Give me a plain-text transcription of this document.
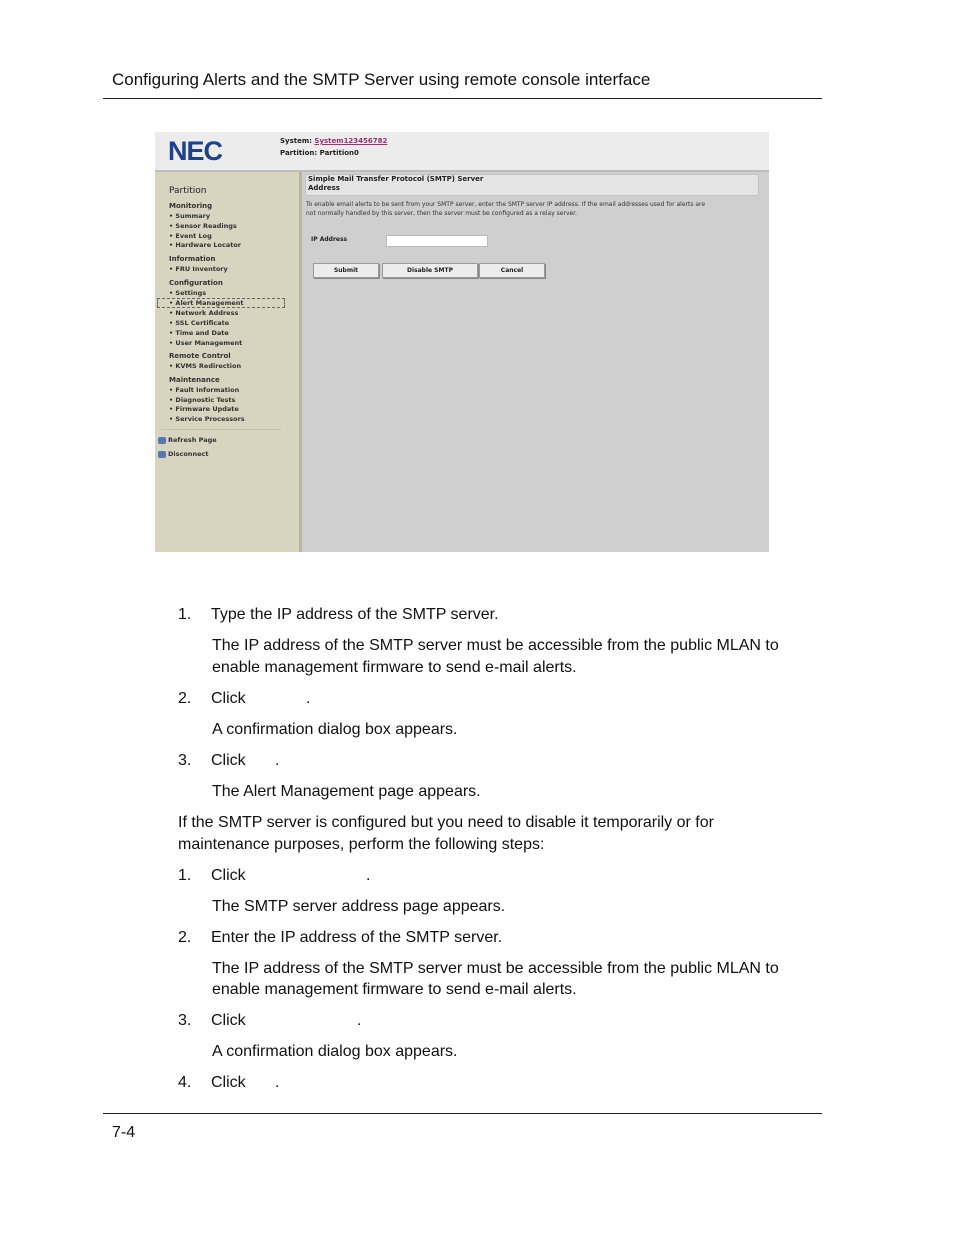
Configuring Alerts and the SMTP Server using remote console interface
NEC	System: System123456782
Partition: Partition0
Partition
Monitoring
• Summary
• Sensor Readings
• Event Log
• Hardware Locator
Information
• FRU Inventory
Configuration
• Settings
• Alert Management
• Network Address
• SSL Certificate
• Time and Date
• User Management
Remote Control
• KVMS Redirection
Maintenance
• Fault Information
• Diagnostic Tests
• Firmware Update
• Service Processors
Refresh Page
Disconnect
Simple Mail Transfer Protocol (SMTP) Server
Address
To enable email alerts to be sent from your SMTP server, enter the SMTP server IP address. If the email addresses used for alerts are
not normally handled by this server, then the server must be configured as a relay server.
IP Address
Submit	Disable SMTP	Cancel
1. Type the IP address of the SMTP server.
The IP address of the SMTP server must be accessible from the public MLAN to
enable management firmware to send e-mail alerts.
2. Click	.
A confirmation dialog box appears.
3. Click .
The Alert Management page appears.
If the SMTP server is configured but you need to disable it temporarily or for
maintenance purposes, perform the following steps:
1. Click	.
The SMTP server address page appears.
2. Enter the IP address of the SMTP server.
The IP address of the SMTP server must be accessible from the public MLAN to
enable management firmware to send e-mail alerts.
3. Click	.
A confirmation dialog box appears.
4. Click .
7-4
